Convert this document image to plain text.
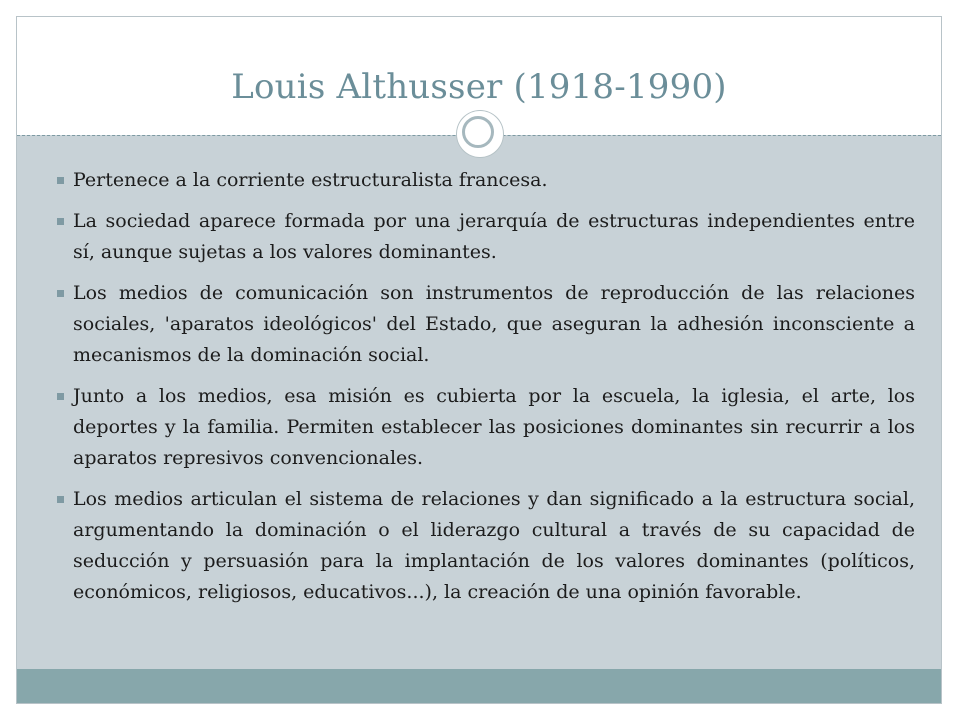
Louis Althusser (1918-1990)
Pertenece a la corriente estructuralista francesa.
La sociedad aparece formada por una jerarquía de estructuras independientes entre sí, aunque sujetas a los valores dominantes.
Los medios de comunicación son instrumentos de reproducción de las relaciones sociales, 'aparatos ideológicos' del Estado, que aseguran la adhesión inconsciente a mecanismos de la dominación social.
Junto a los medios, esa misión es cubierta por la escuela, la iglesia, el arte, los deportes y la familia. Permiten establecer las posiciones dominantes sin recurrir a los aparatos represivos convencionales.
Los medios articulan el sistema de relaciones y dan significado a la estructura social, argumentando la dominación o el liderazgo cultural a través de su capacidad de seducción y persuasión para la implantación de los valores dominantes (políticos, económicos, religiosos, educativos...), la creación de una opinión favorable.
